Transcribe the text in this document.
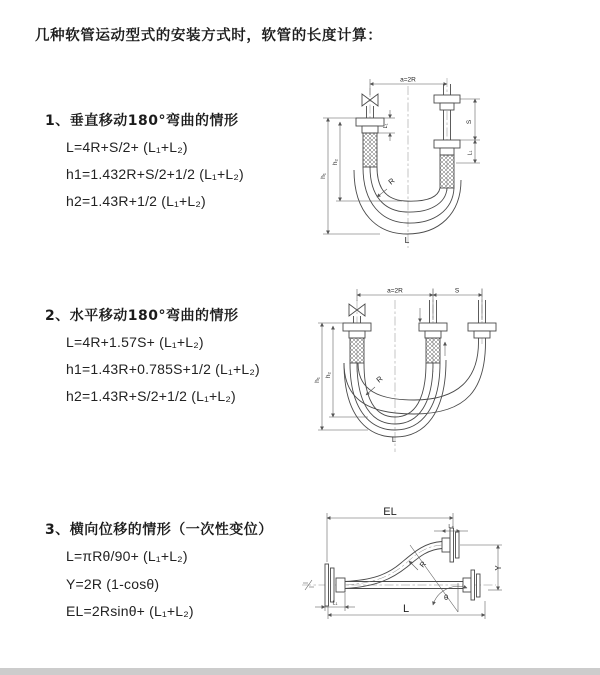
几种软管运动型式的安装方式时，软管的长度计算：
1、垂直移动180°弯曲的情形
L=4R+S/2+ (L₁+L₂)
h1=1.432R+S/2+1/2 (L₁+L₂)
h2=1.43R+1/2 (L₁+L₂)
2、水平移动180°弯曲的情形
L=4R+1.57S+ (L₁+L₂)
h1=1.43R+0.785S+1/2 (L₁+L₂)
h2=1.43R+S/2+1/2 (L₁+L₂)
3、横向位移的情形（一次性变位）
L=πRθ/90+ (L₁+L₂)
Y=2R (1-cosθ)
EL=2Rsinθ+ (L₁+L₂)
a=2R
S
L₁
L₁
h₁
h₂
R
L
a=2R	S
h₁
h₂	R
L
EL
L₂
Y
θ
R
L
L₁
